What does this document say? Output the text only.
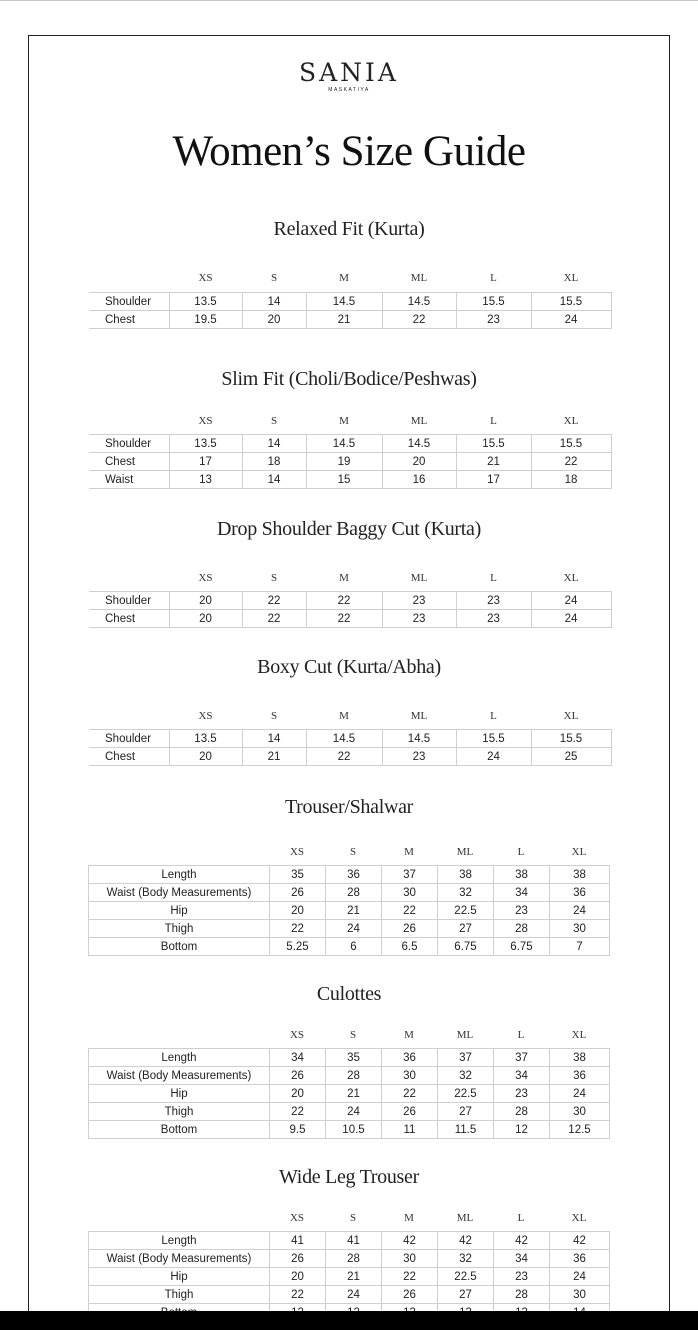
SANIA
MASKATIYA
Women’s Size Guide
Relaxed Fit (Kurta)
XS	S	M	ML	L	XL
Shoulder	13.5	14	14.5	14.5	15.5	15.5
Chest	19.5	20	21	22	23	24
Slim Fit (Choli/Bodice/Peshwas)
XS	S	M	ML	L	XL
Shoulder	13.5	14	14.5	14.5	15.5	15.5
Chest	17	18	19	20	21	22
Waist	13	14	15	16	17	18
Drop Shoulder Baggy Cut (Kurta)
XS	S	M	ML	L	XL
Shoulder	20	22	22	23	23	24
Chest	20	22	22	23	23	24
Boxy Cut (Kurta/Abha)
XS	S	M	ML	L	XL
Shoulder	13.5	14	14.5	14.5	15.5	15.5
Chest	20	21	22	23	24	25
Trouser/Shalwar
XS	S	M	ML	L	XL
Length	35	36	37	38	38	38
Waist (Body Measurements)	26	28	30	32	34	36
Hip	20	21	22	22.5	23	24
Thigh	22	24	26	27	28	30
Bottom	5.25	6	6.5	6.75	6.75	7
Culottes
XS	S	M	ML	L	XL
Length	34	35	36	37	37	38
Waist (Body Measurements)	26	28	30	32	34	36
Hip	20	21	22	22.5	23	24
Thigh	22	24	26	27	28	30
Bottom	9.5	10.5	11	11.5	12	12.5
Wide Leg Trouser
XS	S	M	ML	L	XL
Length	41	41	42	42	42	42
Waist (Body Measurements)	26	28	30	32	34	36
Hip	20	21	22	22.5	23	24
Thigh	22	24	26	27	28	30
